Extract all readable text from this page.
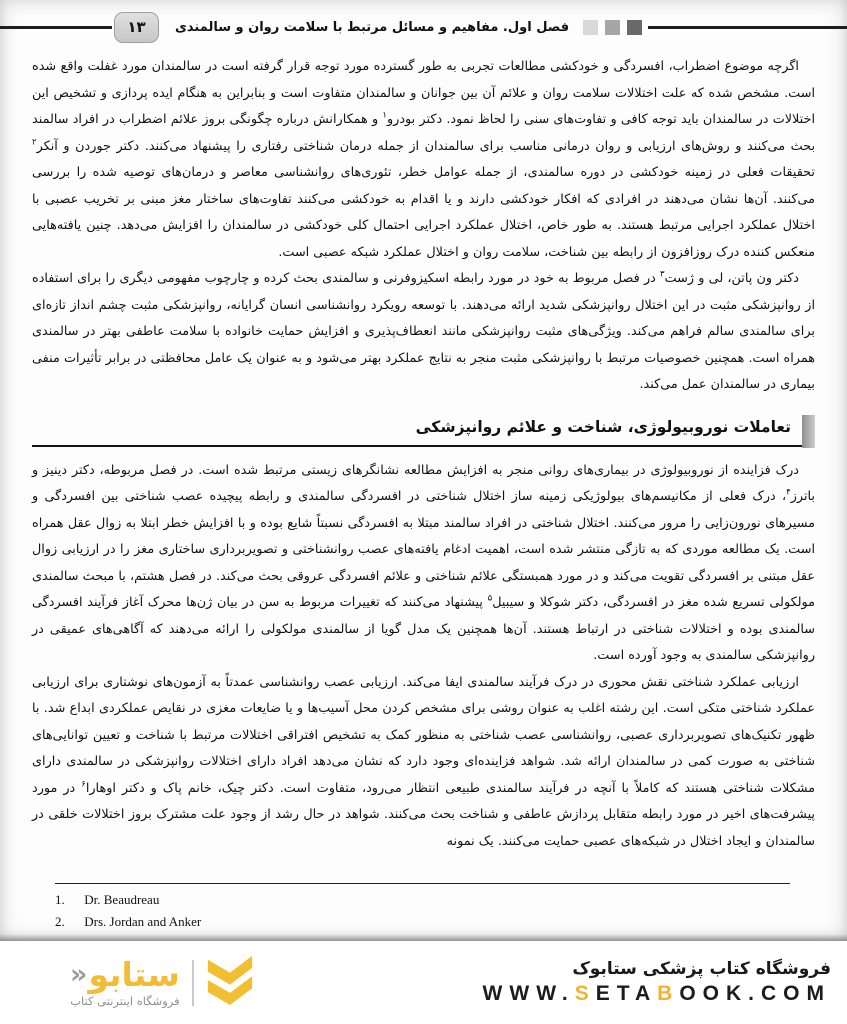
۱۳ فصل اول. مفاهیم و مسائل مرتبط با سلامت روان و سالمندی

اگرچه موضوع اضطراب، افسردگی و خودکشی مطالعات تجربی به طور گسترده مورد توجه قرار گرفته است در سالمندان مورد غفلت واقع شده است. مشخص شده که علت اختلالات سلامت روان و علائم آن بین جوانان و سالمندان متفاوت است و بنابراین به هنگام ایده پردازی و تشخیص این اختلالات در سالمندان باید توجه کافی و تفاوت‌های سنی را لحاظ نمود. دکتر بودرو$^۱$ و همکارانش درباره چگونگی بروز علائم اضطراب در افراد سالمند بحث می‌کنند و روش‌های ارزیابی و روان درمانی مناسب برای سالمندان از جمله درمان شناختی رفتاری را پیشنهاد می‌کنند. دکتر جوردن و آنکر$^۲$ تحقیقات فعلی در زمینه خودکشی در دوره سالمندی، از جمله عوامل خطر، تئوری‌های روانشناسی معاصر و درمان‌های توصیه شده را بررسی می‌کنند. آن‌ها نشان می‌دهند در افرادی که افکار خودکشی دارند و یا اقدام به خودکشی می‌کنند تفاوت‌های ساختار مغز مبنی بر تخریب عصبی با اختلال عملکرد اجرایی مرتبط هستند. به طور خاص، اختلال عملکرد اجرایی احتمال کلی خودکشی در سالمندان را افزایش می‌دهد. چنین یافته‌هایی منعکس کننده درک روزافزون از رابطه بین شناخت، سلامت روان و اختلال عملکرد شبکه عصبی است.

دکتر ون پاتن، لی و ژست$^۳$ در فصل مربوط به خود در مورد رابطه اسکیزوفرنی و سالمندی بحث کرده و چارچوب مفهومی دیگری را برای استفاده از روانپزشکی مثبت در این اختلال روانپزشکی شدید ارائه می‌دهند. با توسعه رویکرد روانشناسی انسان گرایانه، روانپزشکی مثبت چشم انداز تازه‌ای برای سالمندی سالم فراهم می‌کند. ویژگی‌های مثبت روانپزشکی مانند انعطاف‌پذیری و افزایش حمایت خانواده با سلامت عاطفی بهتر در سالمندی همراه است. همچنین خصوصیات مرتبط با روانپزشکی مثبت منجر به نتایج عملکرد بهتر می‌شود و به عنوان یک عامل محافظتی در برابر تأثیرات منفی بیماری در سالمندان عمل می‌کند.

تعاملات نوروبیولوژی، شناخت و علائم روانپزشکی

درک فزاینده از نوروبیولوژی در بیماری‌های روانی منجر به افزایش مطالعه نشانگرهای زیستی مرتبط شده است. در فصل مربوطه، دکتر دینیز و باترز$^۴$، درک فعلی از مکانیسم‌های بیولوژیکی زمینه ساز اختلال شناختی در افسردگی سالمندی و رابطه پیچیده عصب شناختی بین افسردگی و مسیرهای نورون‌زایی را مرور می‌کنند. اختلال شناختی در افراد سالمند مبتلا به افسردگی نسبتاً شایع بوده و با افزایش خطر ابتلا به زوال عقل همراه است. یک مطالعه موردی که به تازگی منتشر شده است، اهمیت ادغام یافته‌های عصب روانشناختی و تصویربرداری ساختاری مغز را در ارزیابی زوال عقل مبتنی بر افسردگی تقویت می‌کند و در مورد همبستگی علائم شناختی و علائم افسردگی عروقی بحث می‌کند. در فصل هشتم، با مبحث سالمندی مولکولی تسریع شده مغز در افسردگی، دکتر شوکلا و سیبیل$^۵$ پیشنهاد می‌کنند که تغییرات مربوط به سن در بیان ژن‌ها محرک آغاز فرآیند افسردگی سالمندی بوده و اختلالات شناختی در ارتباط هستند. آن‌ها همچنین یک مدل گویا از سالمندی مولکولی را ارائه می‌دهند که آگاهی‌های عمیقی در روانپزشکی سالمندی به وجود آورده است.

ارزیابی عملکرد شناختی نقش محوری در درک فرآیند سالمندی ایفا می‌کند. ارزیابی عصب روانشناسی عمدتاً به آزمون‌های نوشتاری برای ارزیابی عملکرد شناختی متکی است. این رشته اغلب به عنوان روشی برای مشخص کردن محل آسیب‌ها و یا ضایعات مغزی در نقایص عملکردی ابداع شد. با ظهور تکنیک‌های تصویربرداری عصبی، روانشناسی عصب شناختی به منظور کمک به تشخیص افتراقی اختلالات مرتبط با شناخت و تعیین توانایی‌های شناختی به صورت کمی در سالمندان ارائه شد. شواهد فزاینده‌ای وجود دارد که نشان می‌دهد افراد دارای اختلالات روانپزشکی در سالمندی دارای مشکلات شناختی هستند که کاملاً با آنچه در فرآیند سالمندی طبیعی انتظار می‌رود، متفاوت است. دکتر چیک، خانم پاک و دکتر اوهارا$^۶$ در مورد پیشرفت‌های اخیر در مورد رابطه متقابل پردازش عاطفی و شناخت بحث می‌کنند. شواهد در حال رشد از وجود علت مشترک بروز اختلالات خلقی در سالمندان و ایجاد اختلال در شبکه‌های عصبی حمایت می‌کنند. یک نمونه

1. Dr. Beaudreau
2. Drs. Jordan and Anker
ستابو
«
فروشگاه اینترنتی کتاب
فروشگاه کتاب پزشکی ستابوک
WWW.SETABOOK.COM
